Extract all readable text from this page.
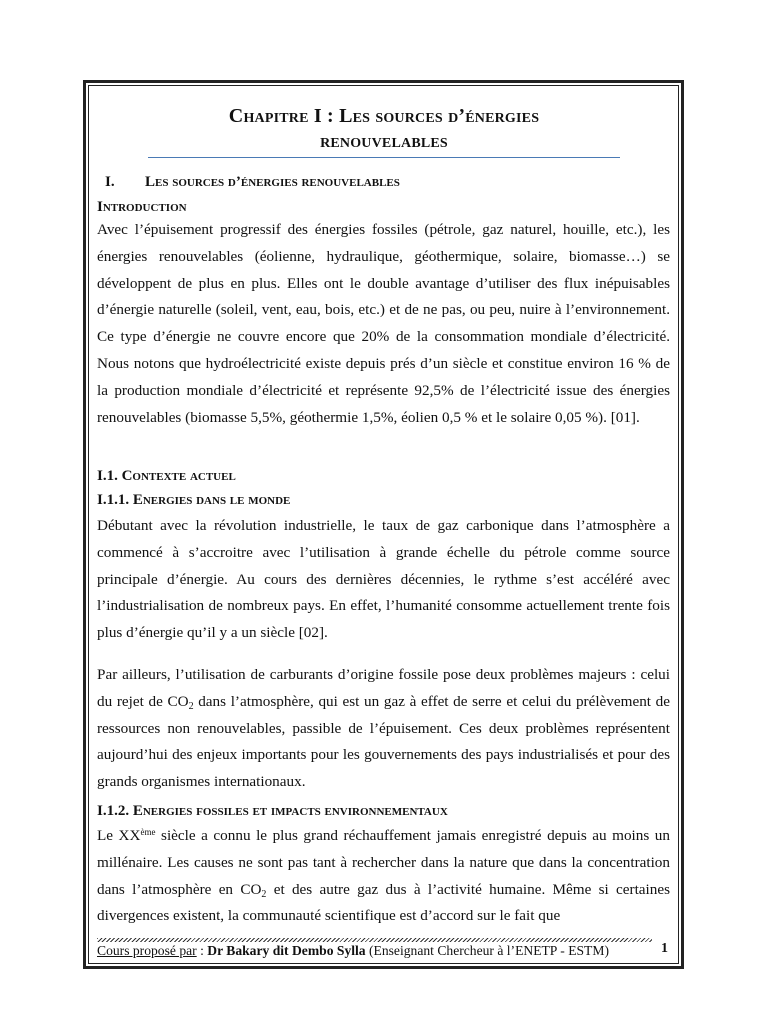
Chapitre I : Les sources d’énergies
renouvelables
I. Les sources d’énergies renouvelables
Introduction

Avec l’épuisement progressif des énergies fossiles (pétrole, gaz naturel, houille, etc.), les énergies renouvelables (éolienne, hydraulique, géothermique, solaire, biomasse…) se développent de plus en plus. Elles ont le double avantage d’utiliser des flux inépuisables d’énergie naturelle (soleil, vent, eau, bois, etc.) et de ne pas, ou peu, nuire à l’environnement. Ce type d’énergie ne couvre encore que 20% de la consommation mondiale d’électricité. Nous notons que hydroélectricité existe depuis prés d’un siècle et constitue environ 16 % de la production mondiale d’électricité et représente 92,5% de l’électricité issue des énergies renouvelables (biomasse 5,5%, géothermie 1,5%, éolien 0,5 % et le solaire 0,05 %). [01].

I.1. Contexte actuel
I.1.1. Energies dans le monde

Débutant avec la révolution industrielle, le taux de gaz carbonique dans l’atmosphère a commencé à s’accroitre avec l’utilisation à grande échelle du pétrole comme source principale d’énergie. Au cours des dernières décennies, le rythme s’est accéléré avec l’industrialisation de nombreux pays. En effet, l’humanité consomme actuellement trente fois plus d’énergie qu’il y a un siècle [02].

Par ailleurs, l’utilisation de carburants d’origine fossile pose deux problèmes majeurs : celui du rejet de $CO_2$ dans l’atmosphère, qui est un gaz à effet de serre et celui du prélèvement de ressources non renouvelables, passible de l’épuisement. Ces deux problèmes représentent aujourd’hui des enjeux importants pour les gouvernements des pays industrialisés et pour des grands organismes internationaux.

I.1.2. Energies fossiles et impacts environnementaux

Le XXème siècle a connu le plus grand réchauffement jamais enregistré depuis au moins un millénaire. Les causes ne sont pas tant à rechercher dans la nature que dans la concentration dans l’atmosphère en $CO_2$ et des autre gaz dus à l’activité humaine. Même si certaines divergences existent, la communauté scientifique est d’accord sur le fait que

Cours proposé par : Dr Bakary dit Dembo Sylla (Enseignant Chercheur à l’ENETP - ESTM)	1
